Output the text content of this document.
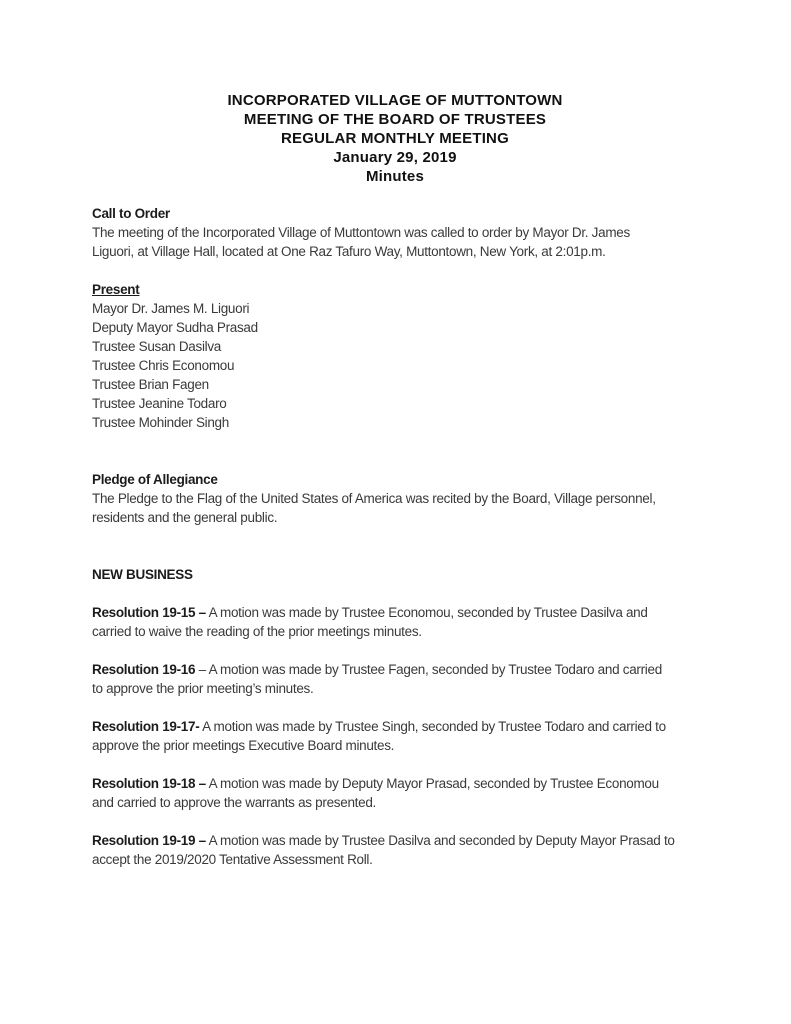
INCORPORATED VILLAGE OF MUTTONTOWN
MEETING OF THE BOARD OF TRUSTEES
REGULAR MONTHLY MEETING
January 29, 2019
Minutes
Call to Order
The meeting of the Incorporated Village of Muttontown was called to order by Mayor Dr. James
Liguori, at Village Hall, located at One Raz Tafuro Way, Muttontown, New York, at 2:01p.m.
Present
Mayor Dr. James M. Liguori
Deputy Mayor Sudha Prasad
Trustee Susan Dasilva
Trustee Chris Economou
Trustee Brian Fagen
Trustee Jeanine Todaro
Trustee Mohinder Singh
Pledge of Allegiance
The Pledge to the Flag of the United States of America was recited by the Board, Village personnel,
residents and the general public.
NEW BUSINESS
Resolution 19-15 – A motion was made by Trustee Economou, seconded by Trustee Dasilva and
carried to waive the reading of the prior meetings minutes.
Resolution 19-16 – A motion was made by Trustee Fagen, seconded by Trustee Todaro and carried
to approve the prior meeting’s minutes.
Resolution 19-17- A motion was made by Trustee Singh, seconded by Trustee Todaro and carried to
approve the prior meetings Executive Board minutes.
Resolution 19-18 – A motion was made by Deputy Mayor Prasad, seconded by Trustee Economou
and carried to approve the warrants as presented.
Resolution 19-19 – A motion was made by Trustee Dasilva and seconded by Deputy Mayor Prasad to
accept the 2019/2020 Tentative Assessment Roll.
